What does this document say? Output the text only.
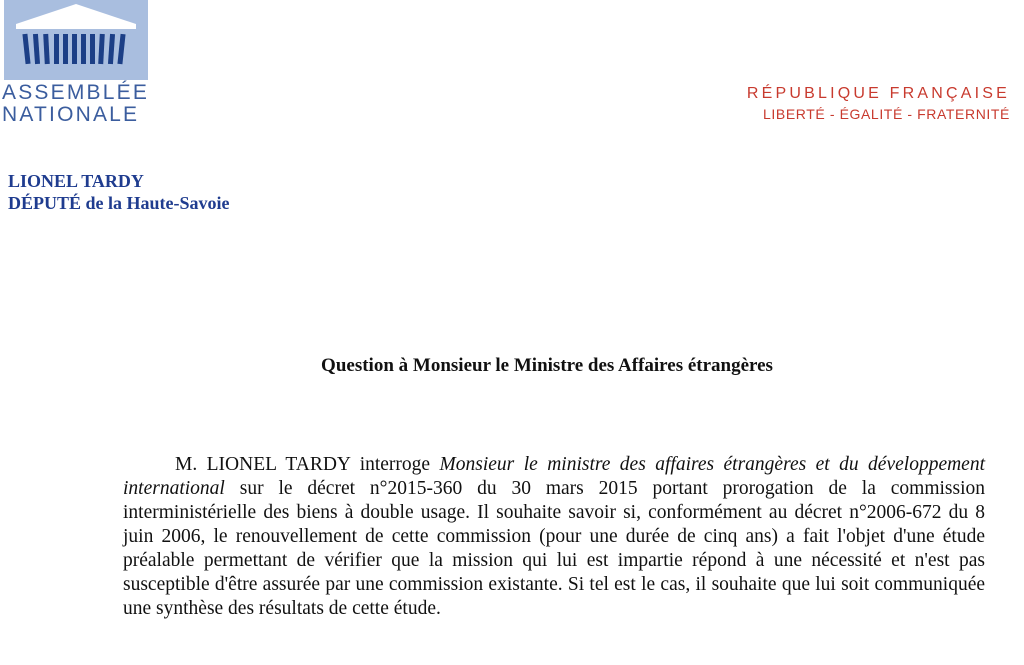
ASSEMBLÉE
NATIONALE
RÉPUBLIQUE FRANÇAISE
LIBERTÉ - ÉGALITÉ - FRATERNITÉ
LIONEL TARDY
DÉPUTÉ de la Haute-Savoie
Question à Monsieur le Ministre des Affaires étrangères

M. LIONEL TARDY interroge Monsieur le ministre des affaires étrangères et du développement international sur le décret n°2015-360 du 30 mars 2015 portant prorogation de la commission interministérielle des biens à double usage. Il souhaite savoir si, conformément au décret n°2006-672 du 8 juin 2006, le renouvellement de cette commission (pour une durée de cinq ans) a fait l'objet d'une étude préalable permettant de vérifier que la mission qui lui est impartie répond à une nécessité et n'est pas susceptible d'être assurée par une commission existante. Si tel est le cas, il souhaite que lui soit communiquée une synthèse des résultats de cette étude.
